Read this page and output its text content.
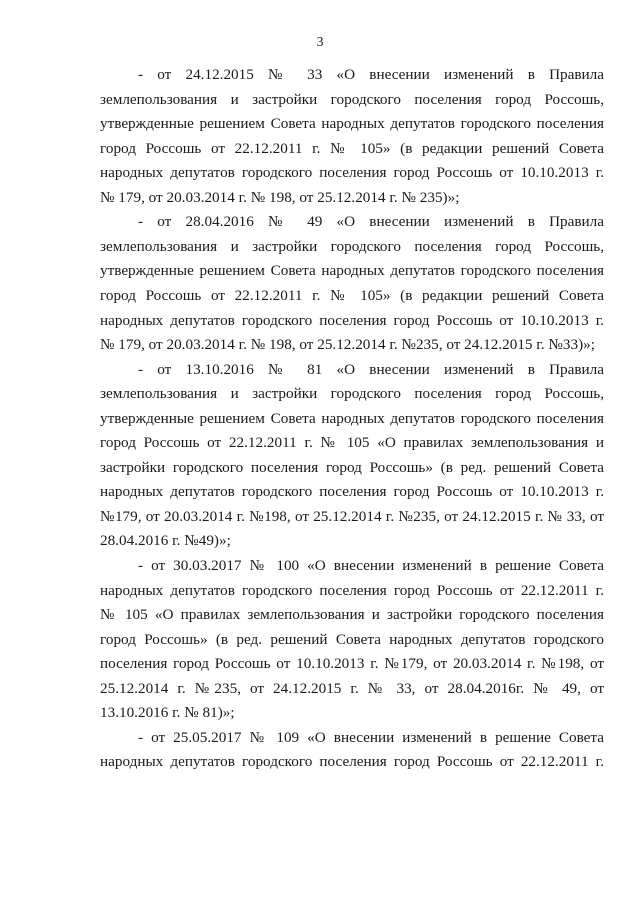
3
- от 24.12.2015 № 33 «О внесении изменений в Правила
землепользования и застройки городского поселения город Россошь,
утвержденные решением Совета народных депутатов городского поселения
город Россошь от 22.12.2011 г. № 105» (в редакции решений Совета
народных депутатов городского поселения город Россошь от 10.10.2013 г.
№ 179, от 20.03.2014 г. № 198, от 25.12.2014 г. № 235)»;
- от 28.04.2016 № 49 «О внесении изменений в Правила
землепользования и застройки городского поселения город Россошь,
утвержденные решением Совета народных депутатов городского поселения
город Россошь от 22.12.2011 г. № 105» (в редакции решений Совета
народных депутатов городского поселения город Россошь от 10.10.2013 г.
№ 179, от 20.03.2014 г. № 198, от 25.12.2014 г. №235, от 24.12.2015 г. №33)»;
- от 13.10.2016 № 81 «О внесении изменений в Правила
землепользования и застройки городского поселения город Россошь,
утвержденные решением Совета народных депутатов городского поселения
город Россошь от 22.12.2011 г. № 105 «О правилах землепользования и
застройки городского поселения город Россошь» (в ред. решений Совета
народных депутатов городского поселения город Россошь от 10.10.2013 г.
№179, от 20.03.2014 г. №198, от 25.12.2014 г. №235, от 24.12.2015 г. № 33, от
28.04.2016 г. №49)»;
- от 30.03.2017 № 100 «О внесении изменений в решение Совета
народных депутатов городского поселения город Россошь от 22.12.2011 г.
№ 105 «О правилах землепользования и застройки городского поселения
город Россошь» (в ред. решений Совета народных депутатов городского
поселения город Россошь от 10.10.2013 г. №179, от 20.03.2014 г. №198, от
25.12.2014 г. №235, от 24.12.2015 г. № 33, от 28.04.2016г. № 49, от
13.10.2016 г. № 81)»;
- от 25.05.2017 № 109 «О внесении изменений в решение Совета
народных депутатов городского поселения город Россошь от 22.12.2011 г.
